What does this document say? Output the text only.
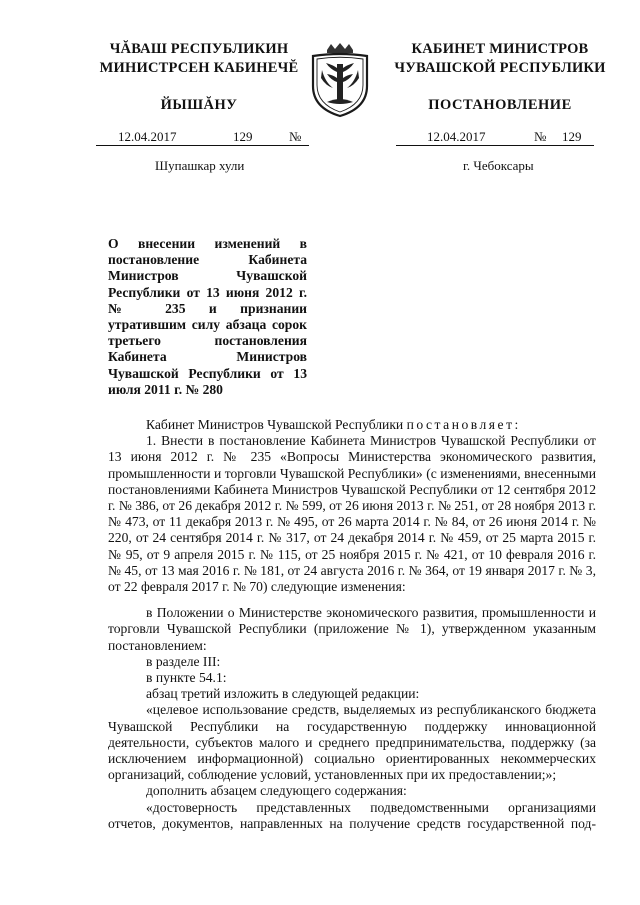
ЧĂВАШ РЕСПУБЛИКИН
МИНИСТРСЕН КАБИНЕЧĔ
ЙЫШĂНУ
КАБИНЕТ МИНИСТРОВ
ЧУВАШСКОЙ РЕСПУБЛИКИ
ПОСТАНОВЛЕНИЕ
12.04.2017	129	№	12.04.2017	№ 129
Шупашкар хули	г. Чебоксары
О внесении изменений в постановление Кабинета Министров Чувашской Республики от 13 июня 2012 г. № 235 и признании утратившим силу абзаца сорок третьего постановления Кабинета Министров Чувашской Республики от 13 июля 2011 г. № 280

Кабинет Министров Чувашской Республики постановляет:

1. Внести в постановление Кабинета Министров Чувашской Республики от 13 июня 2012 г. № 235 «Вопросы Министерства экономического развития, промышленности и торговли Чувашской Республики» (с изменениями, внесенными постановлениями Кабинета Министров Чувашской Республики от 12 сентября 2012 г. № 386, от 26 декабря 2012 г. № 599, от 26 июня 2013 г. № 251, от 28 ноября 2013 г. № 473, от 11 декабря 2013 г. № 495, от 26 марта 2014 г. № 84, от 26 июня 2014 г. № 220, от 24 сентября 2014 г. № 317, от 24 декабря 2014 г. № 459, от 25 марта 2015 г. № 95, от 9 апреля 2015 г. № 115, от 25 ноября 2015 г. № 421, от 10 февраля 2016 г. № 45, от 13 мая 2016 г. № 181, от 24 августа 2016 г. № 364, от 19 января 2017 г. № 3, от 22 февраля 2017 г. № 70) следующие изменения:

в Положении о Министерстве экономического развития, промышленности и торговли Чувашской Республики (приложение № 1), утвержденном указанным постановлением:

в разделе III:

в пункте 54.1:

абзац третий изложить в следующей редакции:

«целевое использование средств, выделяемых из республиканского бюджета Чувашской Республики на государственную поддержку инновационной деятельности, субъектов малого и среднего предпринимательства, поддержку (за исключением информационной) социально ориентированных некоммерческих организаций, соблюдение условий, установленных при их предоставлении;»;

дополнить абзацем следующего содержания:

«достоверность представленных подведомственными организациями отчетов, документов, направленных на получение средств государственной под-
